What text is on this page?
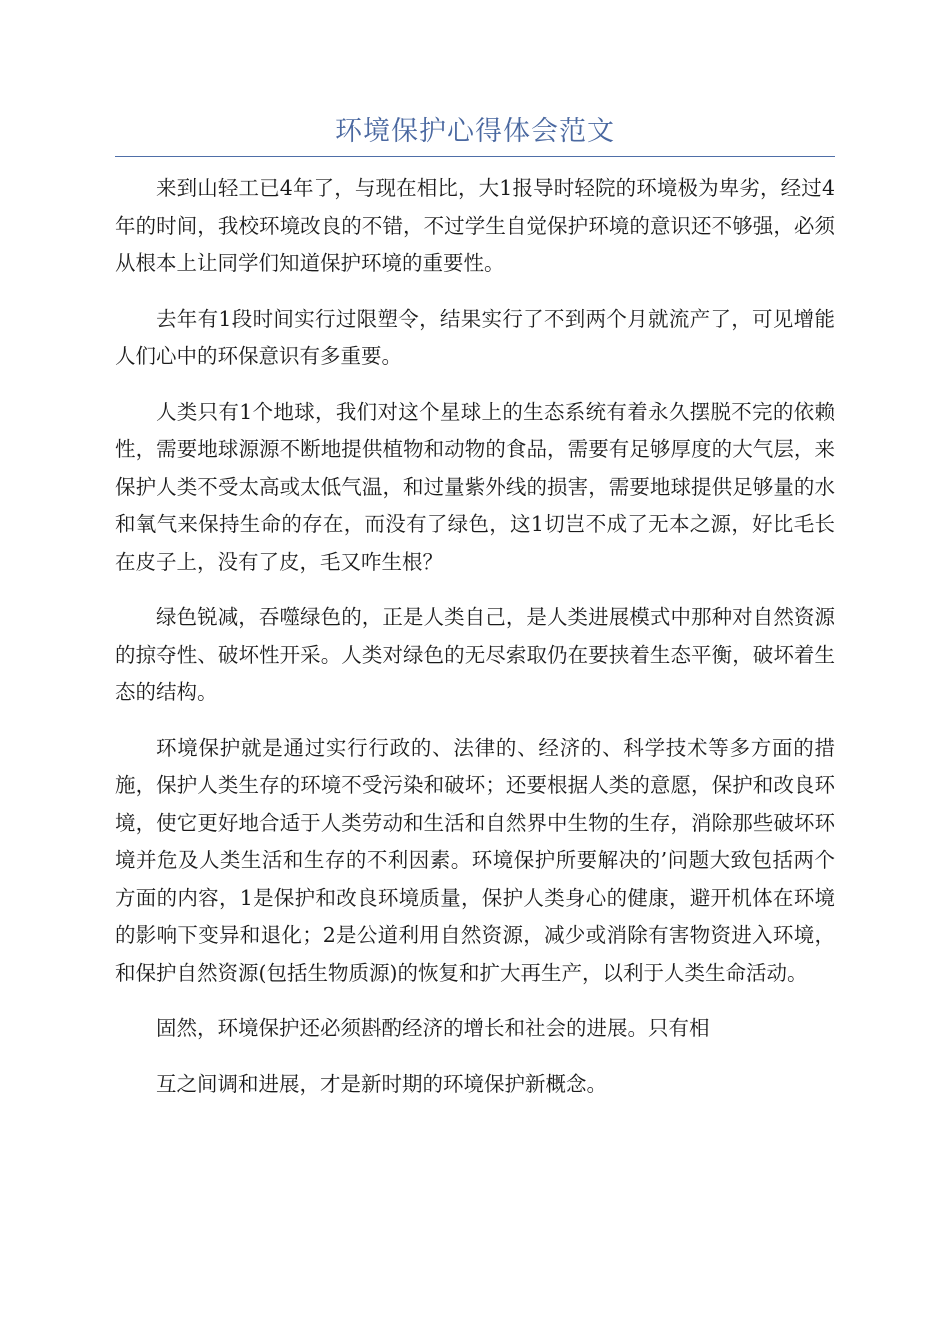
环境保护心得体会范文

来到山轻工已4年了，与现在相比，大1报导时轻院的环境极为卑劣，经过4年的时间，我校环境改良的不错，不过学生自觉保护环境的意识还不够强，必须从根本上让同学们知道保护环境的重要性。

去年有1段时间实行过限塑令，结果实行了不到两个月就流产了，可见增能人们心中的环保意识有多重要。

人类只有1个地球，我们对这个星球上的生态系统有着永久摆脱不完的依赖性，需要地球源源不断地提供植物和动物的食品，需要有足够厚度的大气层，来保护人类不受太高或太低气温，和过量紫外线的损害，需要地球提供足够量的水和氧气来保持生命的存在，而没有了绿色，这1切岂不成了无本之源，好比毛长在皮子上，没有了皮，毛又咋生根？

绿色锐减，吞噬绿色的，正是人类自己，是人类进展模式中那种对自然资源的掠夺性、破坏性开采。人类对绿色的无尽索取仍在要挟着生态平衡，破坏着生态的结构。

环境保护就是通过实行行政的、法律的、经济的、科学技术等多方面的措施，保护人类生存的环境不受污染和破坏；还要根据人类的意愿，保护和改良环境，使它更好地合适于人类劳动和生活和自然界中生物的生存，消除那些破坏环境并危及人类生活和生存的不利因素。环境保护所要解决的’问题大致包括两个方面的内容，1是保护和改良环境质量，保护人类身心的健康，避开机体在环境的影响下变异和退化；2是公道利用自然资源，减少或消除有害物资进入环境，和保护自然资源(包括生物质源)的恢复和扩大再生产，以利于人类生命活动。

固然，环境保护还必须斟酌经济的增长和社会的进展。只有相

互之间调和进展，才是新时期的环境保护新概念。
